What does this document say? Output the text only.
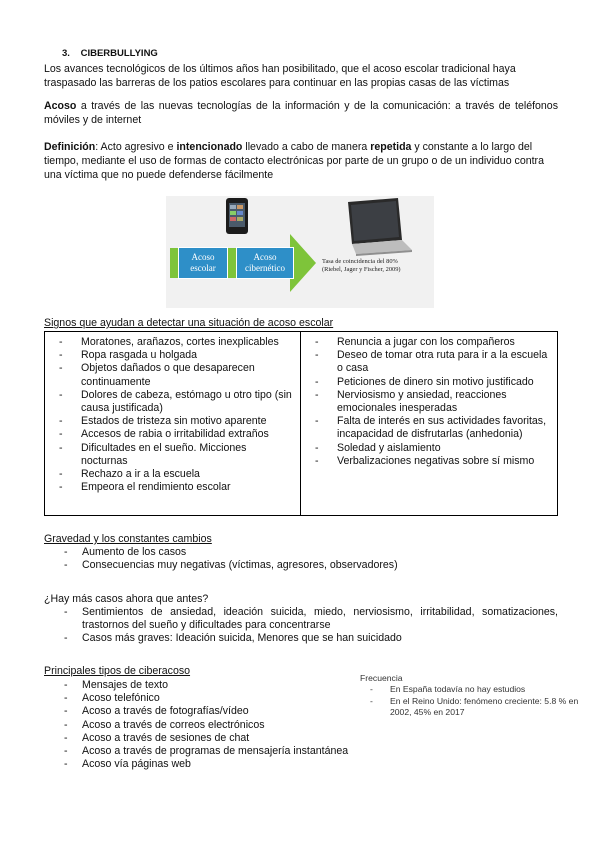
3. CIBERBULLYING
Los avances tecnológicos de los últimos años han posibilitado, que el acoso escolar tradicional haya traspasado las barreras de los patios escolares para continuar en las propias casas de las víctimas
Acoso a través de las nuevas tecnologías de la información y de la comunicación: a través de teléfonos móviles y de internet
Definición: Acto agresivo e intencionado llevado a cabo de manera repetida y constante a lo largo del tiempo, mediante el uso de formas de contacto electrónicas por parte de un grupo o de un individuo contra una víctima que no puede defenderse fácilmente
Acoso
escolar
Acoso
cibernético
Tasa de coincidencia del 80%
(Riebel, Jager y Fischer, 2009)
Signos que ayudan a detectar una situación de acoso escolar
- Moratones, arañazos, cortes inexplicables
- Ropa rasgada u holgada
- Objetos dañados o que desaparecen continuamente
- Dolores de cabeza, estómago u otro tipo (sin causa justificada)
- Estados de tristeza sin motivo aparente
- Accesos de rabia o irritabilidad extraños
- Dificultades en el sueño. Micciones nocturnas
- Rechazo a ir a la escuela
- Empeora el rendimiento escolar
- Renuncia a jugar con los compañeros
- Deseo de tomar otra ruta para ir a la escuela o casa
- Peticiones de dinero sin motivo justificado
- Nerviosismo y ansiedad, reacciones emocionales inesperadas
- Falta de interés en sus actividades favoritas, incapacidad de disfrutarlas (anhedonia)
- Soledad y aislamiento
- Verbalizaciones negativas sobre sí mismo
Gravedad y los constantes cambios
- Aumento de los casos
- Consecuencias muy negativas (víctimas, agresores, observadores)
¿Hay más casos ahora que antes?
- Sentimientos de ansiedad, ideación suicida, miedo, nerviosismo, irritabilidad, somatizaciones, trastornos del sueño y dificultades para concentrarse
- Casos más graves: Ideación suicida, Menores que se han suicidado
Principales tipos de ciberacoso
- Mensajes de texto
- Acoso telefónico
- Acoso a través de fotografías/vídeo
- Acoso a través de correos electrónicos
- Acoso a través de sesiones de chat
- Acoso a través de programas de mensajería instantánea
- Acoso vía páginas web
Frecuencia
- En España todavía no hay estudios
- En el Reino Unido: fenómeno creciente: 5.8 % en 2002, 45% en 2017
